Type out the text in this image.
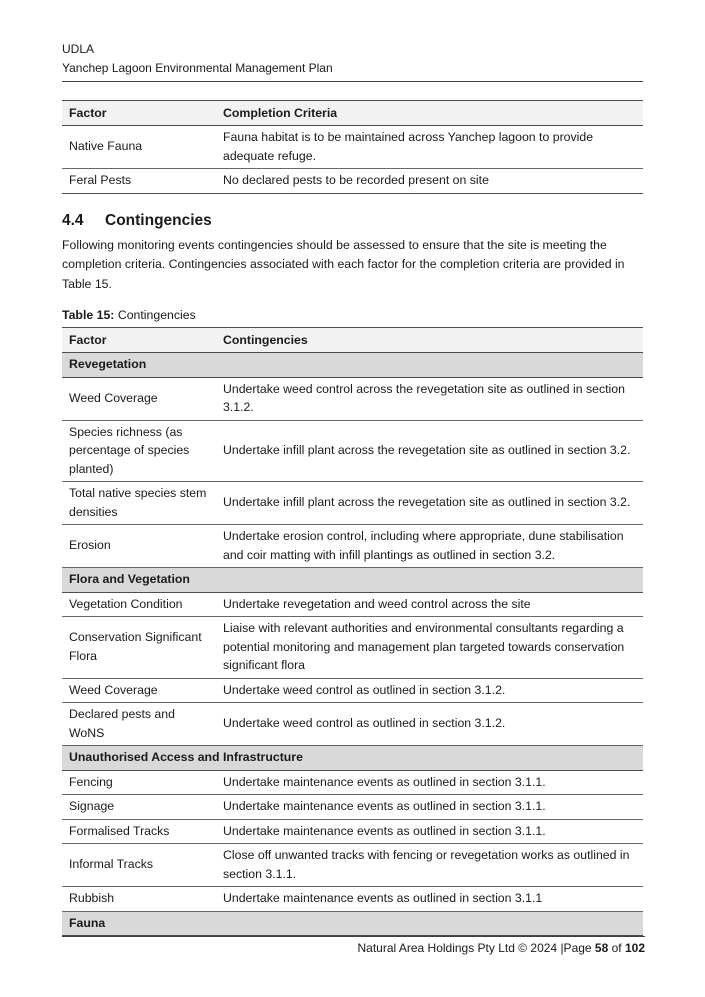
UDLA
Yanchep Lagoon Environmental Management Plan
Factor	Completion Criteria
Native Fauna	Fauna habitat is to be maintained across Yanchep lagoon to provide adequate refuge.
Feral Pests	No declared pests to be recorded present on site
4.4 Contingencies

Following monitoring events contingencies should be assessed to ensure that the site is meeting the completion criteria. Contingencies associated with each factor for the completion criteria are provided in Table 15.

Table 15: Contingencies

Factor	Contingencies
Revegetation	
Weed Coverage	Undertake weed control across the revegetation site as outlined in section 3.1.2.
Species richness (as percentage of species planted)	Undertake infill plant across the revegetation site as outlined in section 3.2.
Total native species stem densities	Undertake infill plant across the revegetation site as outlined in section 3.2.
Erosion	Undertake erosion control, including where appropriate, dune stabilisation and coir matting with infill plantings as outlined in section 3.2.
Flora and Vegetation	
Vegetation Condition	Undertake revegetation and weed control across the site
Conservation Significant Flora	Liaise with relevant authorities and environmental consultants regarding a potential monitoring and management plan targeted towards conservation significant flora
Weed Coverage	Undertake weed control as outlined in section 3.1.2.
Declared pests and WoNS	Undertake weed control as outlined in section 3.1.2.
Unauthorised Access and Infrastructure	
Fencing	Undertake maintenance events as outlined in section 3.1.1.
Signage	Undertake maintenance events as outlined in section 3.1.1.
Formalised Tracks	Undertake maintenance events as outlined in section 3.1.1.
Informal Tracks	Close off unwanted tracks with fencing or revegetation works as outlined in section 3.1.1.
Rubbish	Undertake maintenance events as outlined in section 3.1.1
Fauna	
Natural Area Holdings Pty Ltd © 2024 |Page 58 of 102
